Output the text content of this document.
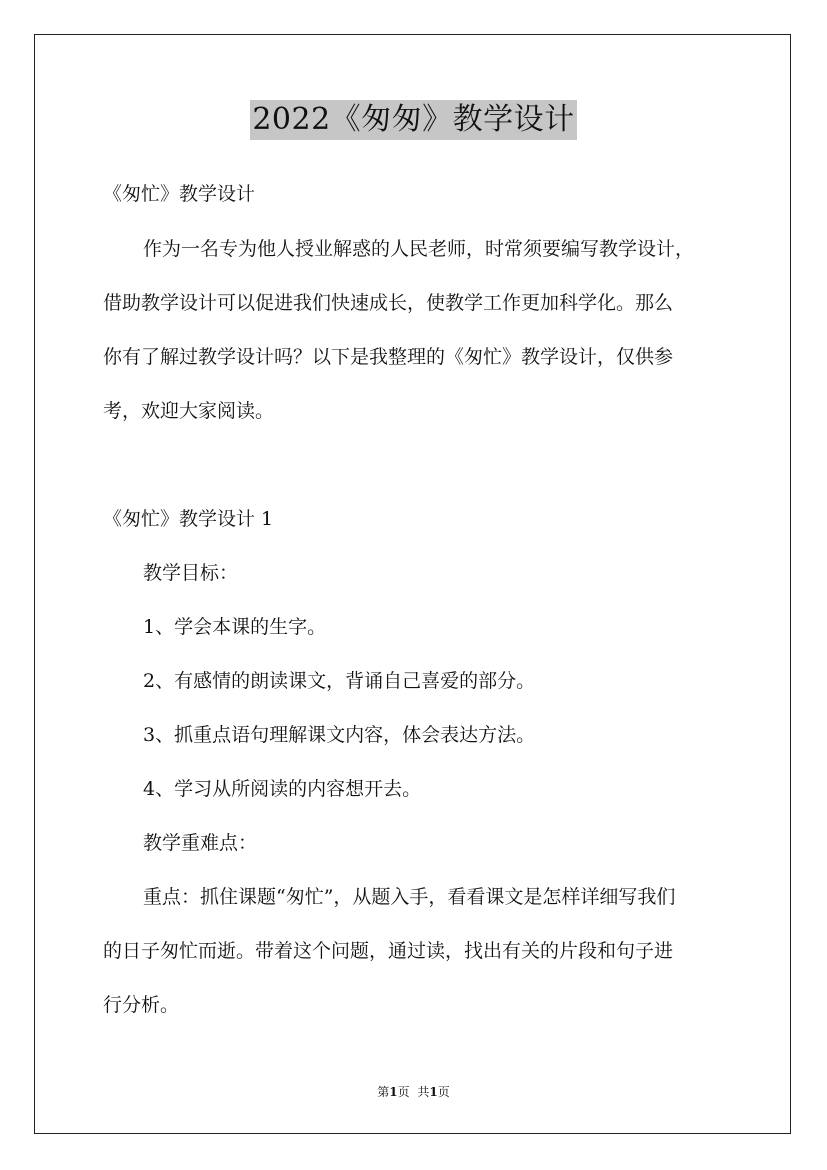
2022《匆匆》教学设计
《匆忙》教学设计
作为一名专为他人授业解惑的人民老师，时常须要编写教学设计，
借助教学设计可以促进我们快速成长，使教学工作更加科学化。那么
你有了解过教学设计吗？以下是我整理的《匆忙》教学设计，仅供参
考，欢迎大家阅读。
《匆忙》教学设计 1
教学目标：
1、学会本课的生字。
2、有感情的朗读课文，背诵自己喜爱的部分。
3、抓重点语句理解课文内容，体会表达方法。
4、学习从所阅读的内容想开去。
教学重难点：
重点：抓住课题“匆忙”，从题入手，看看课文是怎样详细写我们
的日子匆忙而逝。带着这个问题，通过读，找出有关的片段和句子进
行分析。
第1页 共1页
